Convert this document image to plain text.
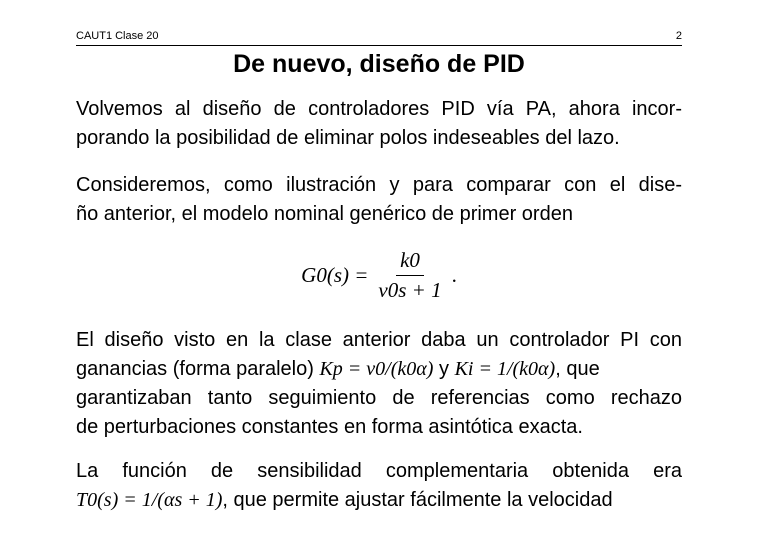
CAUT1 Clase 20	2
De nuevo, diseño de PID
Volvemos al diseño de controladores PID vía PA, ahora incor-
porando la posibilidad de eliminar polos indeseables del lazo.
Consideremos, como ilustración y para comparar con el dise-
ño anterior, el modelo nominal genérico de primer orden
$G0(s) = \frac{k0}{\nu 0s + 1}$ .
El diseño visto en la clase anterior daba un controlador PI con
ganancias (forma paralelo) Kp = ν0/(k0α) y Ki = 1/(k0α), que
garantizaban tanto seguimiento de referencias como rechazo
de perturbaciones constantes en forma asintótica exacta.
La función de sensibilidad complementaria obtenida era
T0(s) = 1/(αs + 1), que permite ajustar fácilmente la velocidad
